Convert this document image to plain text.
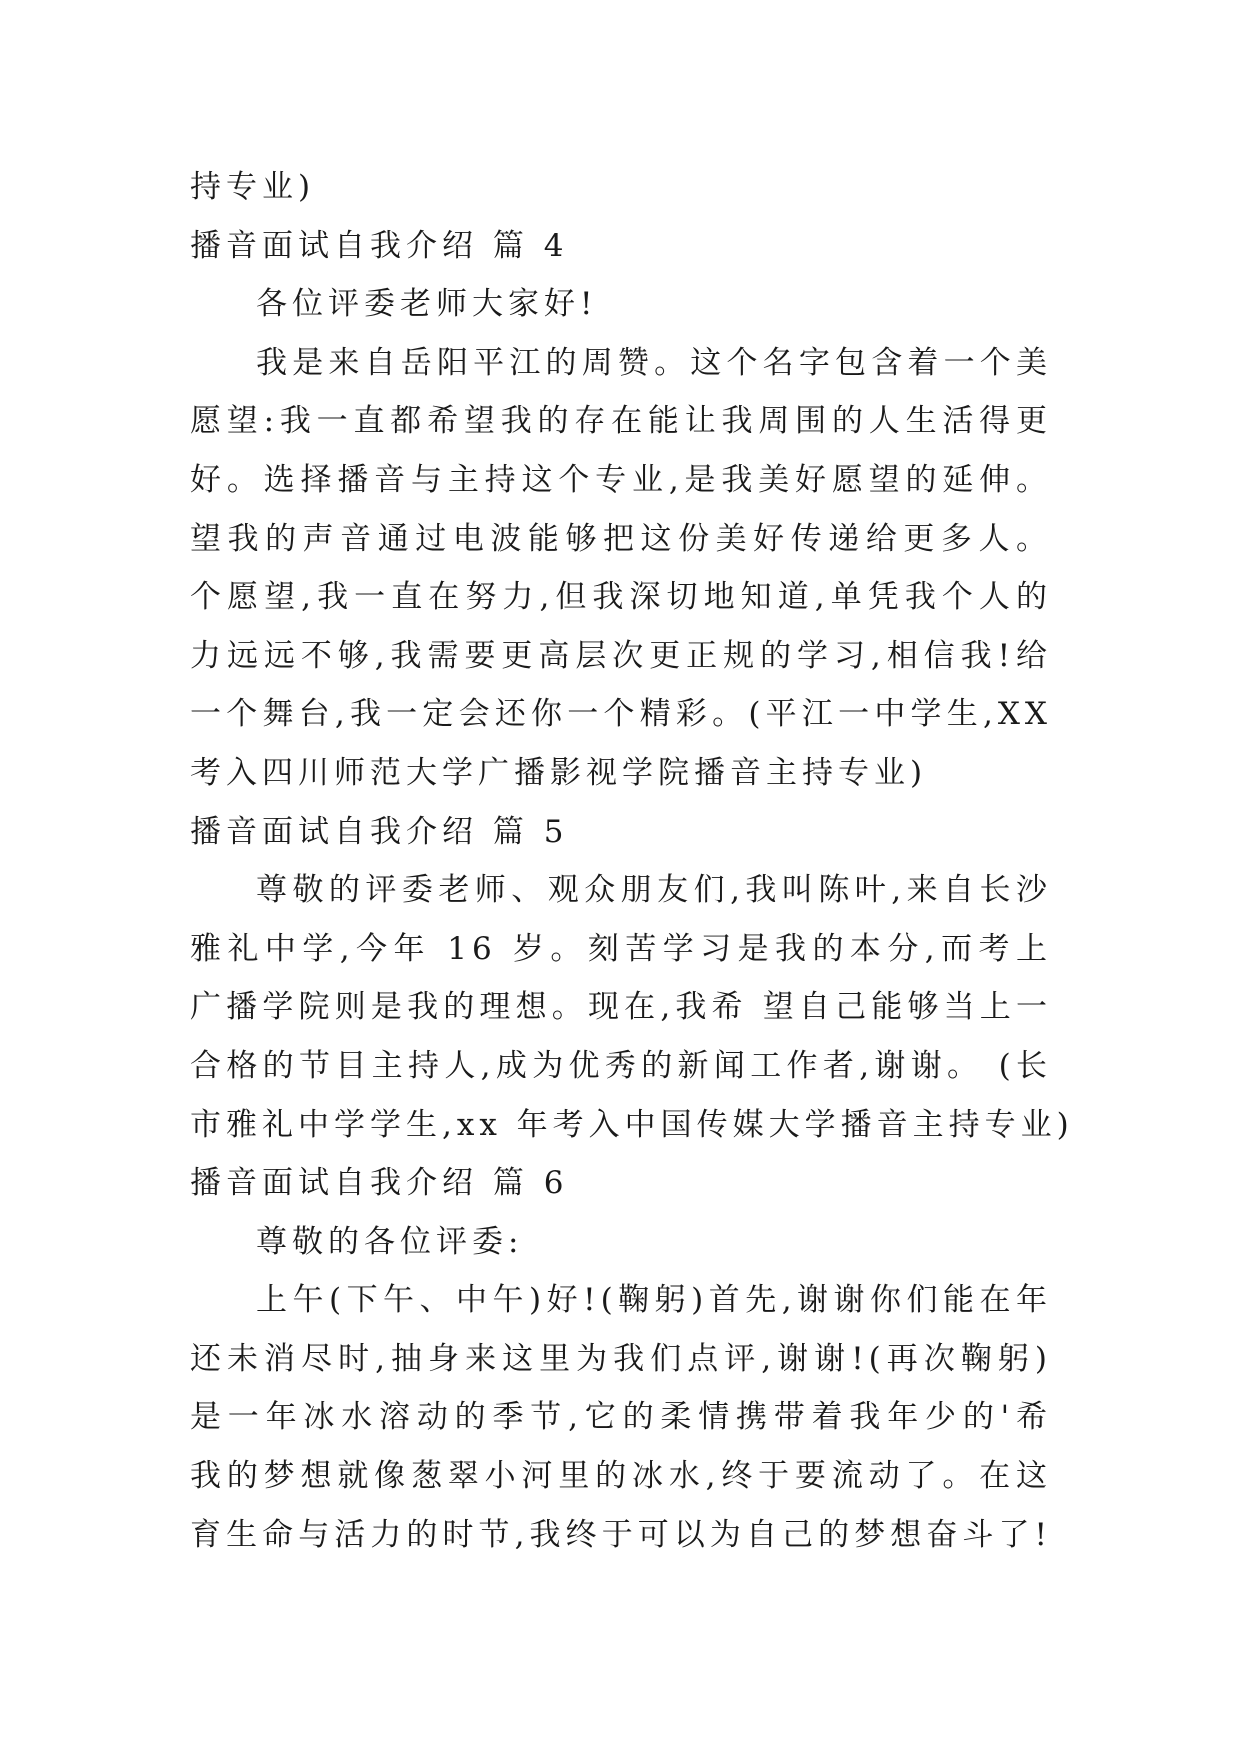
持专业)
播音面试自我介绍 篇 4
各位评委老师大家好!
我是来自岳阳平江的周赞。这个名字包含着一个美
愿望:我一直都希望我的存在能让我周围的人生活得更
好。选择播音与主持这个专业,是我美好愿望的延伸。
望我的声音通过电波能够把这份美好传递给更多人。
个愿望,我一直在努力,但我深切地知道,单凭我个人的
力远远不够,我需要更高层次更正规的学习,相信我!给
一个舞台,我一定会还你一个精彩。(平江一中学生,XX
考入四川师范大学广播影视学院播音主持专业)
播音面试自我介绍 篇 5
尊敬的评委老师、观众朋友们,我叫陈叶,来自长沙
雅礼中学,今年 16 岁。刻苦学习是我的本分,而考上
广播学院则是我的理想。现在,我希 望自己能够当上一
合格的节目主持人,成为优秀的新闻工作者,谢谢。 (长
市雅礼中学学生,xx 年考入中国传媒大学播音主持专业)
播音面试自我介绍 篇 6
尊敬的各位评委:
上午(下午、中午)好!(鞠躬)首先,谢谢你们能在年
还未消尽时,抽身来这里为我们点评,谢谢!(再次鞠躬)
是一年冰水溶动的季节,它的柔情携带着我年少的'希
我的梦想就像葱翠小河里的冰水,终于要流动了。在这
育生命与活力的时节,我终于可以为自己的梦想奋斗了!
